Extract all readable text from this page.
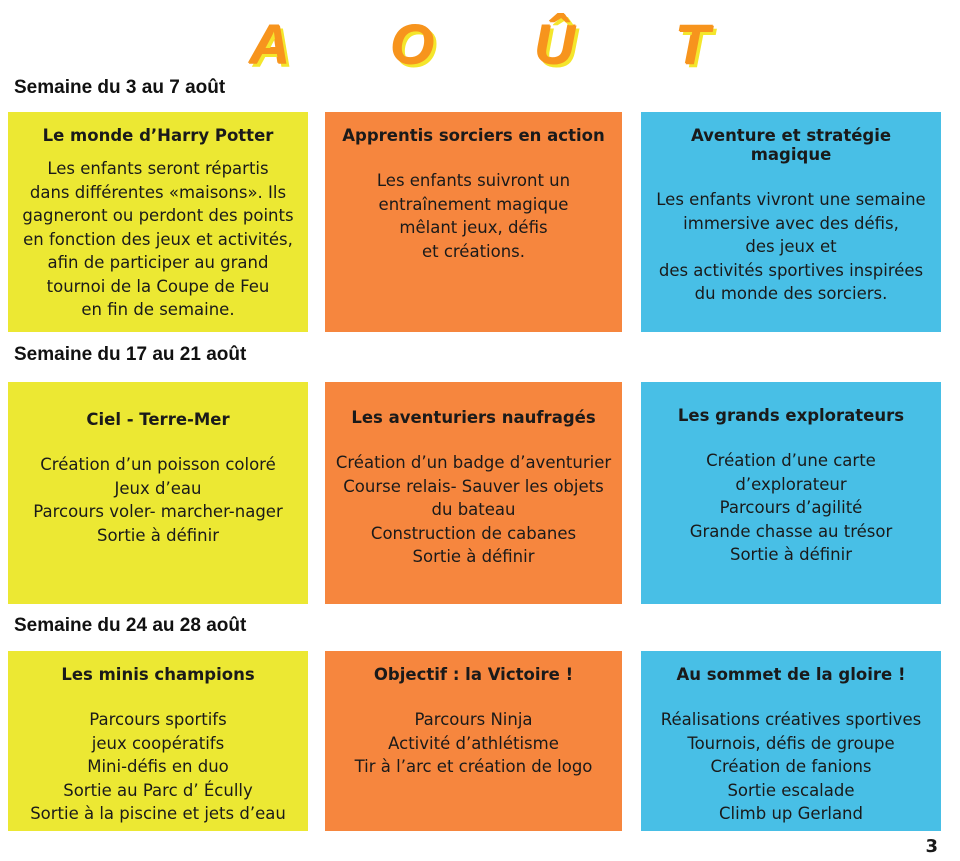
A O Û T
Semaine du 3 au 7 août
Le monde d’Harry Potter
Les enfants seront répartis
dans différentes «maisons». Ils
gagneront ou perdont des points
en fonction des jeux et activités,
afin de participer au grand
tournoi de la Coupe de Feu
en fin de semaine.
Apprentis sorciers en action
Les enfants suivront un
entraînement magique
mêlant jeux, défis
et créations.
Aventure et stratégie magique
Les enfants vivront une semaine
immersive avec des défis,
des jeux et
des activités sportives inspirées
du monde des sorciers.
Semaine du 17 au 21 août
Ciel - Terre-Mer
Création d’un poisson coloré
Jeux d’eau
Parcours voler- marcher-nager
Sortie à définir
Les aventuriers naufragés
Création d’un badge d’aventurier
Course relais- Sauver les objets
du bateau
Construction de cabanes
Sortie à définir
Les grands explorateurs
Création d’une carte
d’explorateur
Parcours d’agilité
Grande chasse au trésor
Sortie à définir
Semaine du 24 au 28 août
Les minis champions
Parcours sportifs
jeux coopératifs
Mini-défis en duo
Sortie au Parc d’ Écully
Sortie à la piscine et jets d’eau
Objectif : la Victoire !
Parcours Ninja
Activité d’athlétisme
Tir à l’arc et création de logo
Au sommet de la gloire !
Réalisations créatives sportives
Tournois, défis de groupe
Création de fanions
Sortie escalade
Climb up Gerland
3
